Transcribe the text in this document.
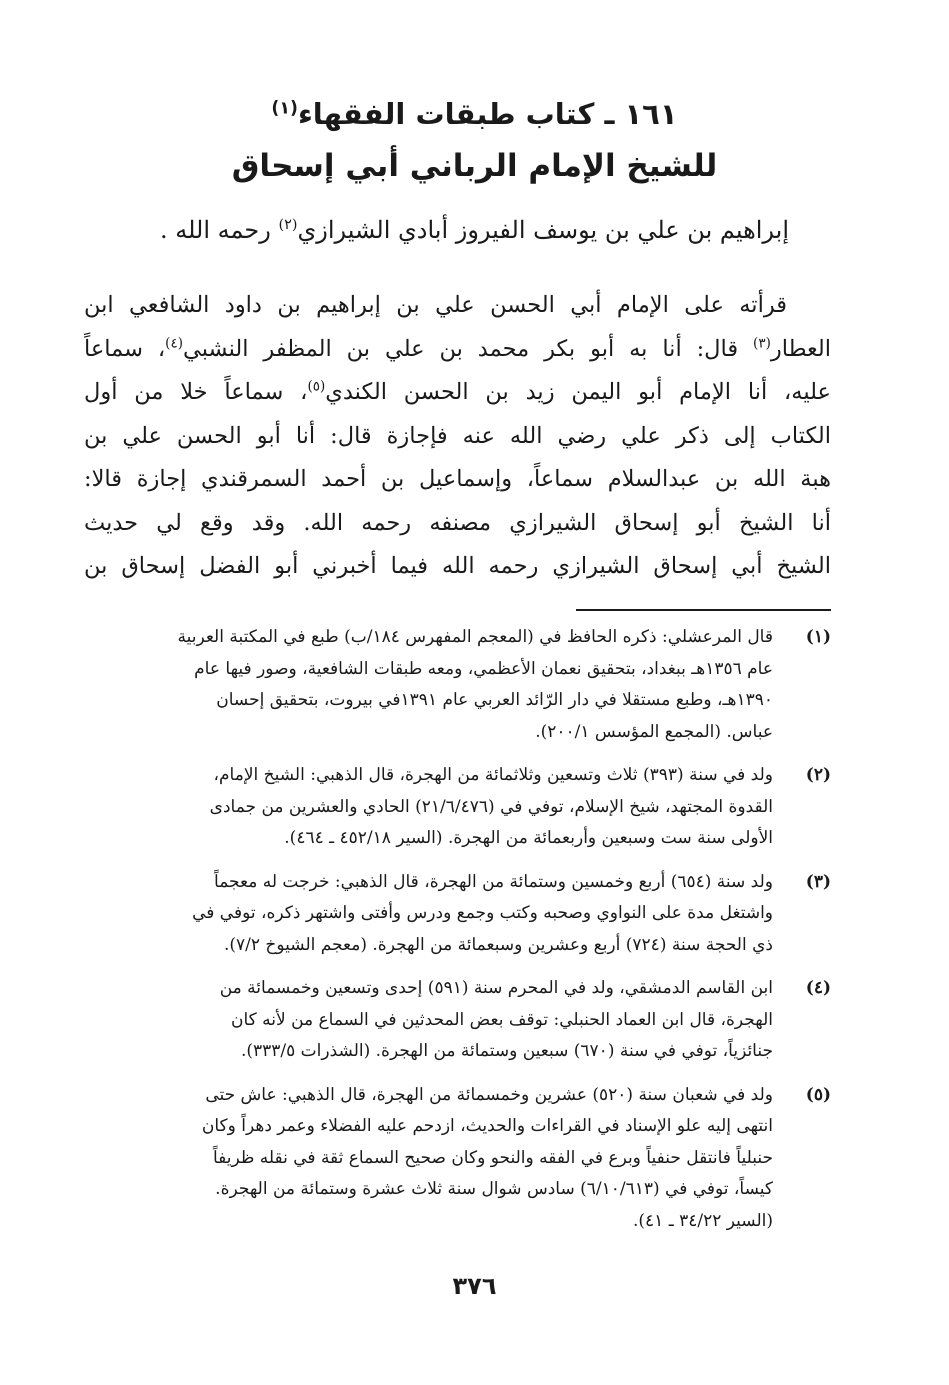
١٦١ ـ كتاب طبقات الفقهاء$^{(١)}$
للشيخ الإمام الرباني أبي إسحاق
إبراهيم بن علي بن يوسف الفيروز أبادي الشيرازي$^{(٢)}$ رحمه الله .
قرأته على الإمام أبي الحسن علي بن إبراهيم بن داود الشافعي ابن
العطار$^{(٣)}$ قال: أنا به أبو بكر محمد بن علي بن المظفر النشبي$^{(٤)}$، سماعاً
عليه، أنا الإمام أبو اليمن زيد بن الحسن الكندي$^{(٥)}$، سماعاً خلا من أول
الكتاب إلى ذكر علي رضي الله عنه فإجازة قال: أنا أبو الحسن علي بن
هبة الله بن عبدالسلام سماعاً، وإسماعيل بن أحمد السمرقندي إجازة قالا:
أنا الشيخ أبو إسحاق الشيرازي مصنفه رحمه الله. وقد وقع لي حديث
الشيخ أبي إسحاق الشيرازي رحمه الله فيما أخبرني أبو الفضل إسحاق بن
(١)
قال المرعشلي: ذكره الحافظ في (المعجم المفهرس ١٨٤/ب) طبع في المكتبة العربية
عام ١٣٥٦هـ ببغداد، بتحقيق نعمان الأعظمي، ومعه طبقات الشافعية، وصور فيها عام
١٣٩٠هـ، وطبع مستقلا في دار الرّائد العربي عام ١٣٩١في بيروت، بتحقيق إحسان
عباس. (المجمع المؤسس ٢٠٠/١).
(٢)
ولد في سنة (٣٩٣) ثلاث وتسعين وثلاثمائة من الهجرة، قال الذهبي: الشيخ الإمام،
القدوة المجتهد، شيخ الإسلام، توفي في (٢١/٦/٤٧٦) الحادي والعشرين من جمادى
الأولى سنة ست وسبعين وأربعمائة من الهجرة. (السير ٤٥٢/١٨ ـ ٤٦٤).
(٣)
ولد سنة (٦٥٤) أربع وخمسين وستمائة من الهجرة، قال الذهبي: خرجت له معجماً
واشتغل مدة على النواوي وصحبه وكتب وجمع ودرس وأفتى واشتهر ذكره، توفي في
ذي الحجة سنة (٧٢٤) أربع وعشرين وسبعمائة من الهجرة. (معجم الشيوخ ٧/٢).
(٤)
ابن القاسم الدمشقي، ولد في المحرم سنة (٥٩١) إحدى وتسعين وخمسمائة من
الهجرة، قال ابن العماد الحنبلي: توقف بعض المحدثين في السماع من لأنه كان
جنائزياً، توفي في سنة (٦٧٠) سبعين وستمائة من الهجرة. (الشذرات ٣٣٣/٥).
(٥)
ولد في شعبان سنة (٥٢٠) عشرين وخمسمائة من الهجرة، قال الذهبي: عاش حتى
انتهى إليه علو الإسناد في القراءات والحديث، ازدحم عليه الفضلاء وعمر دهراً وكان
حنبلياً فانتقل حنفياً وبرع في الفقه والنحو وكان صحيح السماع ثقة في نقله ظريفاً
كيساً، توفي في (٦/١٠/٦١٣) سادس شوال سنة ثلاث عشرة وستمائة من الهجرة.
(السير ٣٤/٢٢ ـ ٤١).
٣٧٦
